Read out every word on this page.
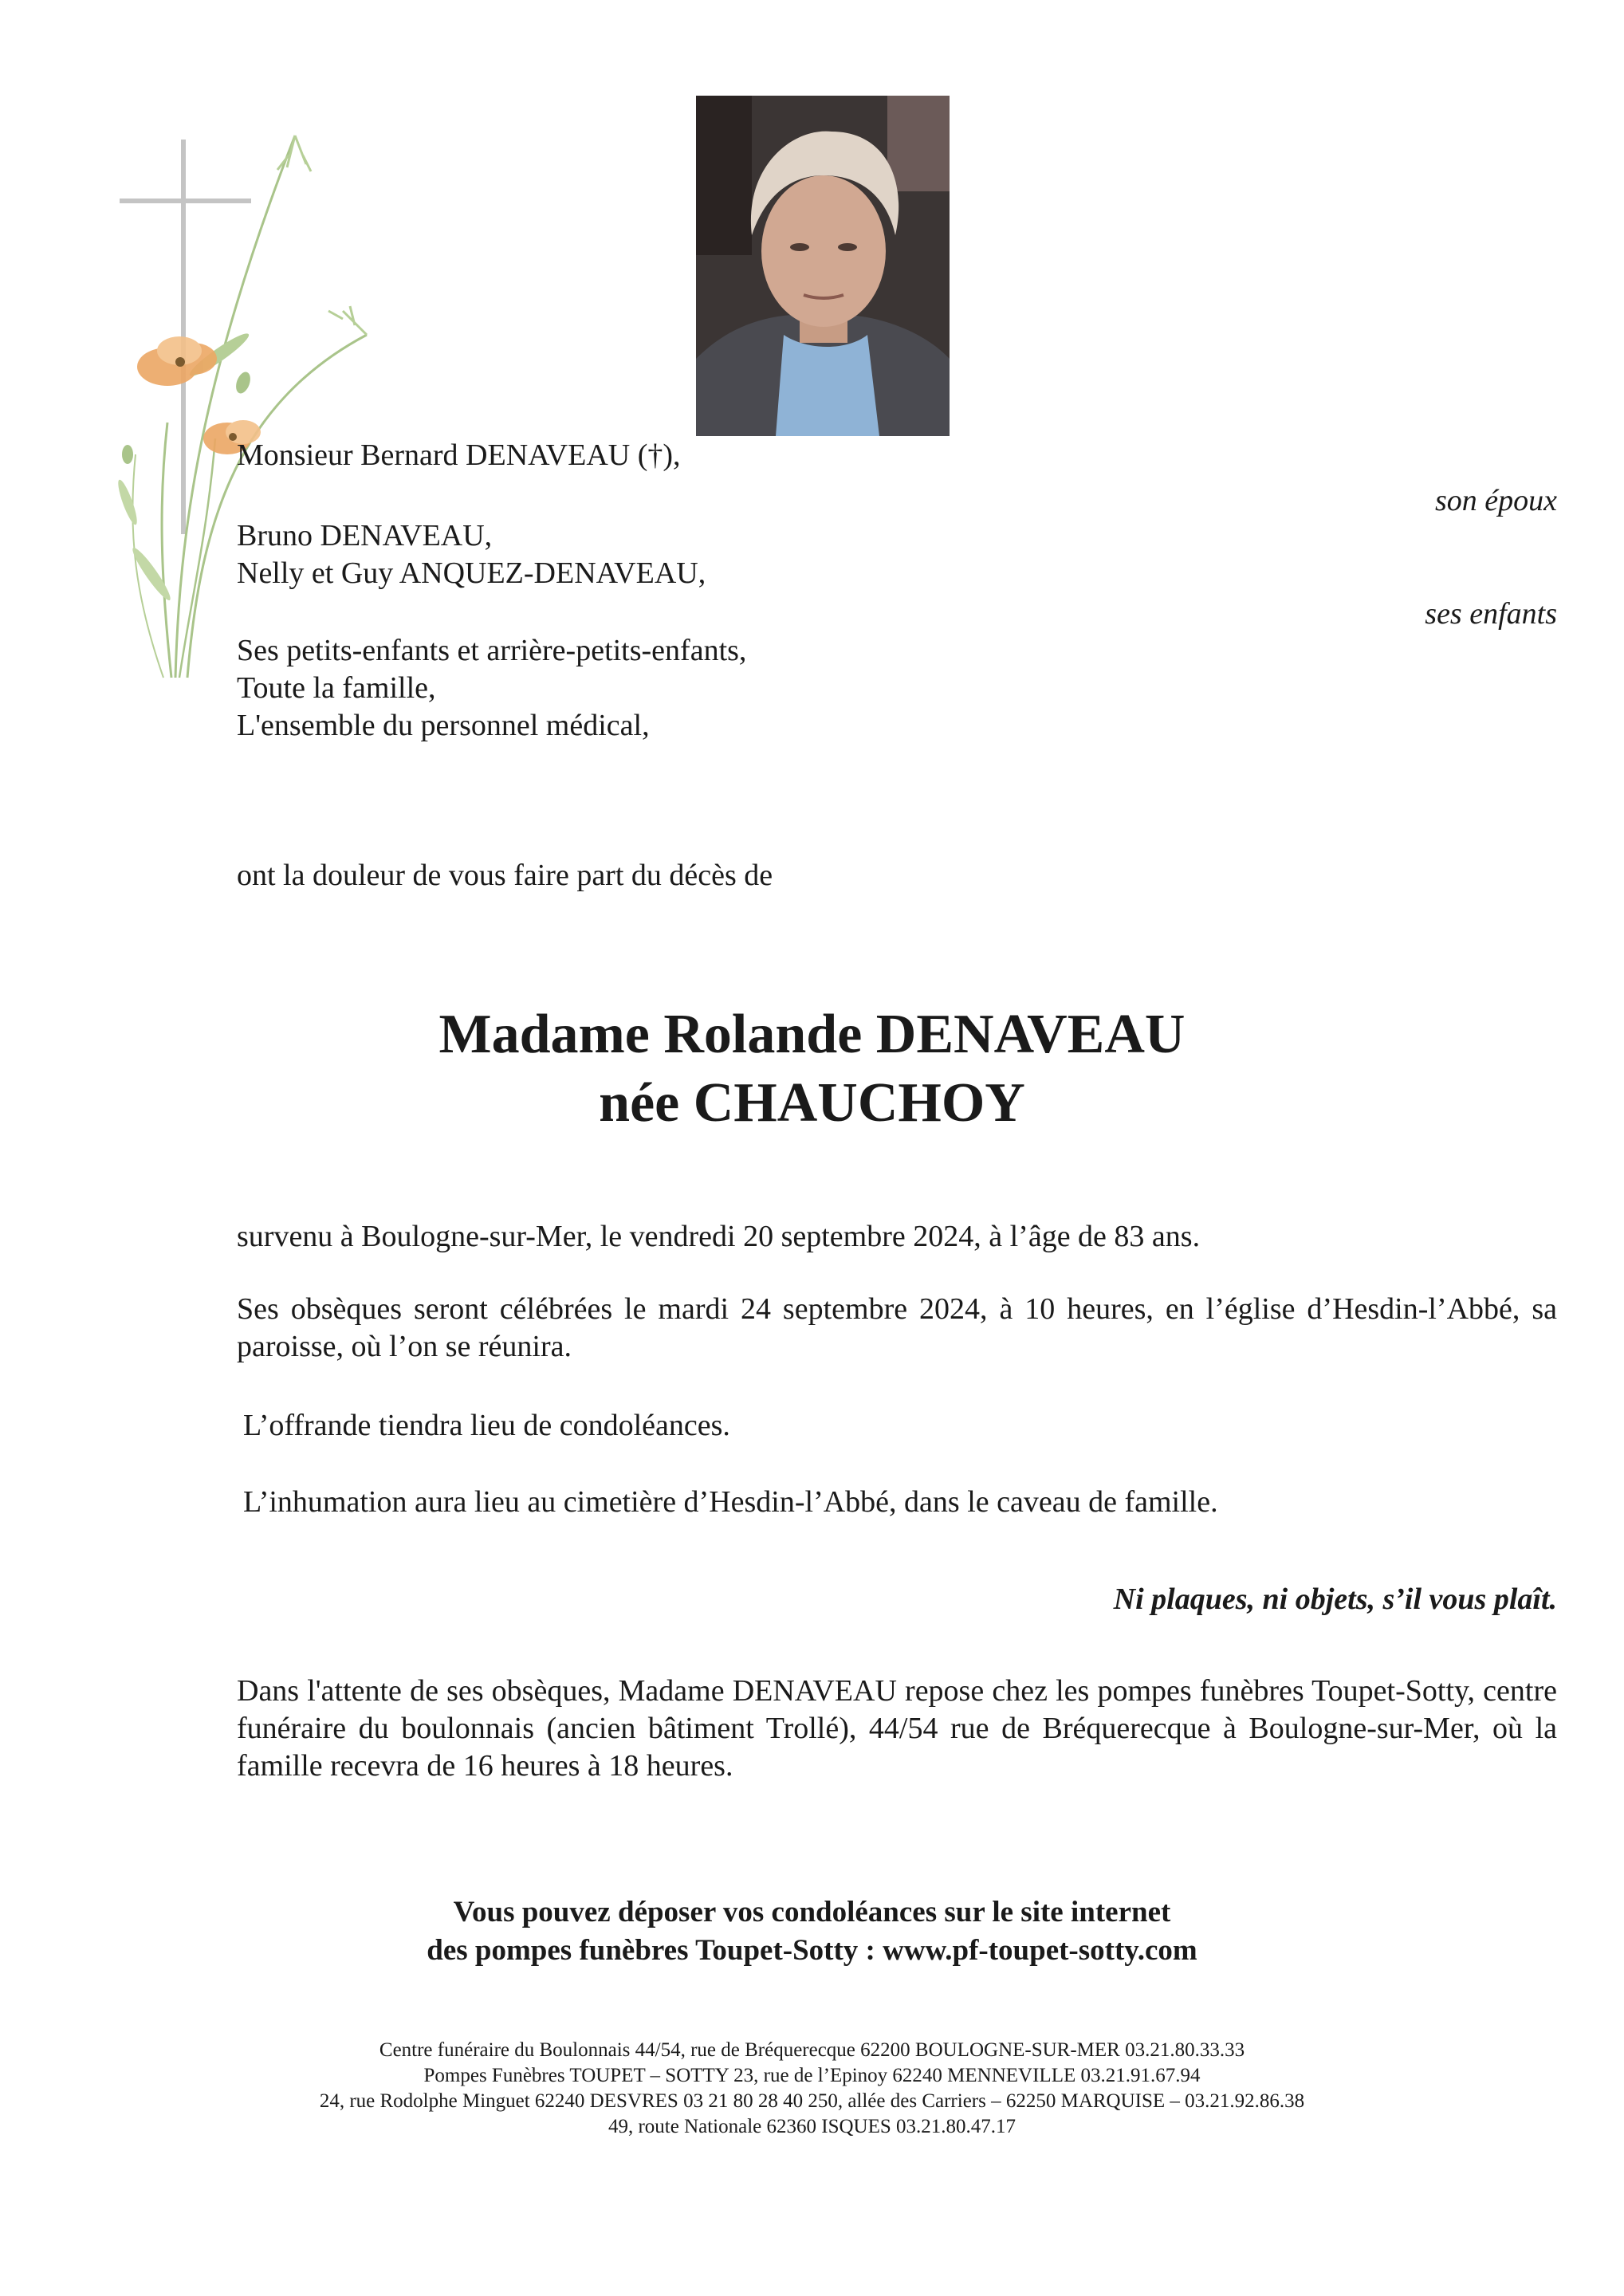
Monsieur Bernard DENAVEAU (†),
son époux
Bruno DENAVEAU,
Nelly et Guy ANQUEZ-DENAVEAU,
ses enfants
Ses petits-enfants et arrière-petits-enfants,
Toute la famille,
L'ensemble du personnel médical,
ont la douleur de vous faire part du décès de
Madame Rolande DENAVEAU
née CHAUCHOY
survenu à Boulogne-sur-Mer, le vendredi 20 septembre 2024, à l’âge de 83 ans.
Ses obsèques seront célébrées le mardi 24 septembre 2024, à 10 heures, en l’église d’Hesdin-l’Abbé, sa paroisse, où l’on se réunira.
L’offrande tiendra lieu de condoléances.
L’inhumation aura lieu au cimetière d’Hesdin-l’Abbé, dans le caveau de famille.
Ni plaques, ni objets, s’il vous plaît.
Dans l'attente de ses obsèques, Madame DENAVEAU repose chez les pompes funèbres Toupet-Sotty, centre funéraire du boulonnais (ancien bâtiment Trollé), 44/54 rue de Bréquerecque à Boulogne-sur-Mer, où la famille recevra de 16 heures à 18 heures.
Vous pouvez déposer vos condoléances sur le site internet
des pompes funèbres Toupet-Sotty : www.pf-toupet-sotty.com
Centre funéraire du Boulonnais 44/54, rue de Bréquerecque 62200 BOULOGNE-SUR-MER 03.21.80.33.33
Pompes Funèbres TOUPET – SOTTY 23, rue de l’Epinoy 62240 MENNEVILLE 03.21.91.67.94
24, rue Rodolphe Minguet 62240 DESVRES 03 21 80 28 40 250, allée des Carriers – 62250 MARQUISE – 03.21.92.86.38
49, route Nationale 62360 ISQUES 03.21.80.47.17
